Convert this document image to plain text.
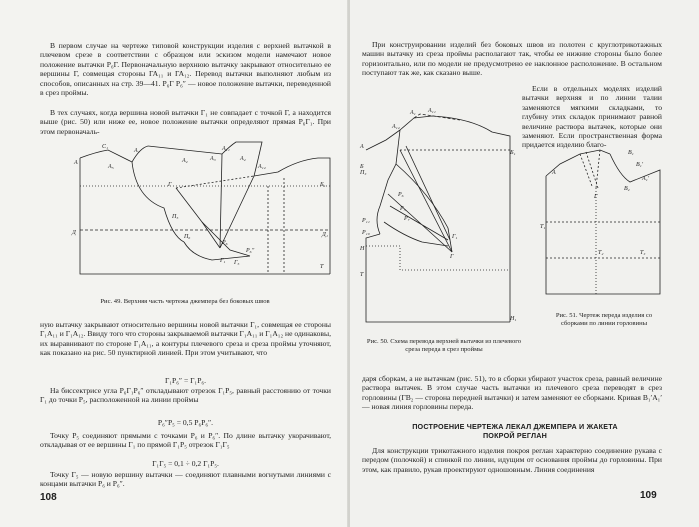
В первом случае на чертеже типовой конструкции изделия с верхней вытачкой в плечевом срезе в соответствии с образцом или эскизом модели намечают новое положение вытачки Р₆Г. Первоначальную верхнюю вытачку закрывают относительно ее вершины Г, совмещая стороны ГА₁₁ и ГА₁₂. Перевод вытачки выполняют любым из способов, описанных на стр. 39—41. Р₆Г Р₆″ — новое положение вытачки, переведенной в срез проймы.

В тех случаях, когда вершина новой вытачки Г₁ не совпадает с точкой Г, а находится выше (рис. 50) или ниже ее, новое положение вытачки определяют прямая Р₆Г₁. При этом первоначаль-

А
С₁
А₁
А₅
А₂	А₃	А₄
А₁₁
А₁₂
Г
Р₆
Р₆″
П₅
П₆
Г₁ Г₅
Б₁
Д	Д₁
Т
Рис. 49. Верхняя часть чертежа джемпера без боковых швов

ную вытачку закрывают относительно вершины новой вытачки Г₁, совмещая ее стороны Г₁А₁₁ и Г₁А₁₂. Ввиду того что стороны закрываемой вытачки Г₁А₁₁ и Г₁А₁₂ не одинаковы, их выравнивают по стороне Г₁А₁₁, а контуры плечевого среза и среза проймы уточняют, как показано на рис. 50 пунктирной линией. При этом учитывают, что

Г₁Р₆″ = Г₁Р₆.

На биссектрисе угла Р₆Г₁Р₆″ откладывают отрезок Г₁Р₅, равный расстоянию от точки Г₁ до точки Р₅, расположенной на линии проймы

Р₆″Р₅ = 0,5 Р₆Р₆″.

Точку Р₅ соединяют прямыми с точками Р₆ и Р₆″. По длине вытачку укорачивают, откладывая от ее вершины Г₁ по прямой Г₁Р₅ отрезок Г₁Г₅

Г₁Г₅ = 0,1 ÷ 0,2 Г₁Р₅.

Точку Г₅ — новую вершину вытачки — соединяют плавными вогнутыми линиями с концами вытачки Р₆ и Р₆″.

108

При конструировании изделий без боковых швов из полотен с круглотрикотажных машин вытачку из среза проймы располагают так, чтобы ее нижние стороны было более горизонтально, или по модели не предусмотрено ее наклонное расположение. В остальном поступают так же, как сказано выше.

Если в отдельных моделях изделий вытачки верхняя и по линии талии заменяются мягкими складками, то глубину этих складок принимают равной величине раствора вытачек, которые они заменяют. Если пространственная форма придается изделию благо-

А
А₁ А₁₁
А₁₂
Б
Б₁
П₃
Р₆
Р₅
Р₇
Г
Г₁
Р₁₁
Р₁₀
Н
Т
Н₁
В₁
В₁′
А₁′
В₂
Г
А
Т₁
Т₂	Т₃
Рис. 50. Схема перевода верхней вытачки из плечевого среза переда в срез проймы
Рис. 51. Чертеж переда изделия со сборками по линии горловины

даря сборкам, а не вытачкам (рис. 51), то в сборки убирают участок среза, равный величине раствора вытачек. В этом случае часть вытачки из плечевого среза переводят в срез горловины (ГВ₂ — сторона передней вытачки) и затем заменяют ее сборками. Кривая В₁′А₁′ — новая линия горловины переда.

ПОСТРОЕНИЕ ЧЕРТЕЖА ЛЕКАЛ ДЖЕМПЕРА И ЖАКЕТА ПОКРОЙ РЕГЛАН

Для конструкции трикотажного изделия покроя реглан характерно соединение рукава с передом (полочкой) и спинкой по линии, идущим от основания проймы до горловины. При этом, как правило, рукав проектируют одношовным. Линия соединения

109
